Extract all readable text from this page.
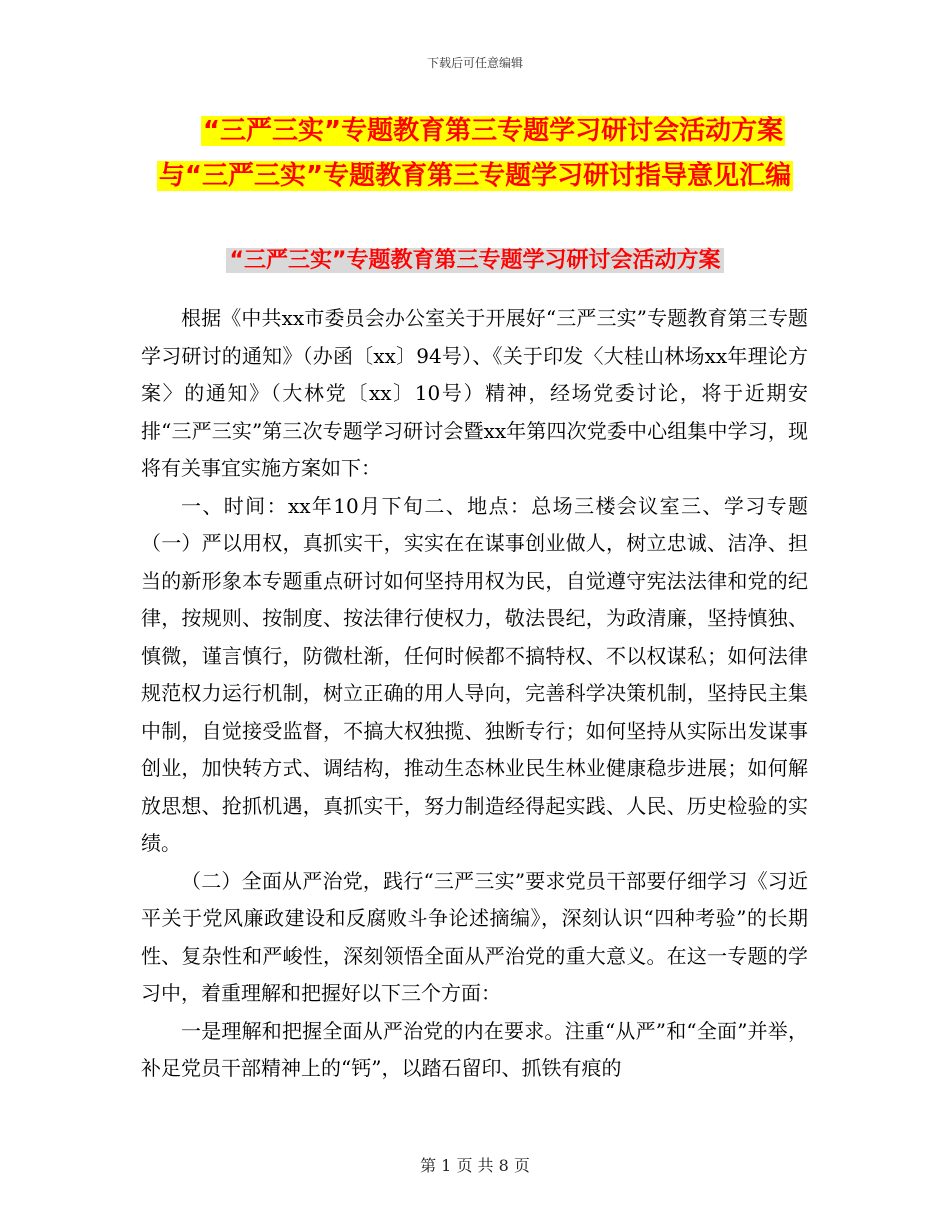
下载后可任意编辑
“三严三实”专题教育第三专题学习研讨会活动方案
与“三严三实”专题教育第三专题学习研讨指导意见汇编
“三严三实”专题教育第三专题学习研讨会活动方案

根据《中共xx市委员会办公室关于开展好“三严三实”专题教育第三专题学习研讨的通知》（办函〔xx〕94号）、《关于印发〈大桂山林场xx年理论方案〉的通知》（大林党〔xx〕10号）精神，经场党委讨论，将于近期安排“三严三实”第三次专题学习研讨会暨xx年第四次党委中心组集中学习，现将有关事宜实施方案如下：

一、时间：xx年10月下旬二、地点：总场三楼会议室三、学习专题（一）严以用权，真抓实干，实实在在谋事创业做人，树立忠诚、洁净、担当的新形象本专题重点研讨如何坚持用权为民，自觉遵守宪法法律和党的纪律，按规则、按制度、按法律行使权力，敬法畏纪，为政清廉，坚持慎独、慎微，谨言慎行，防微杜渐，任何时候都不搞特权、不以权谋私；如何法律规范权力运行机制，树立正确的用人导向，完善科学决策机制，坚持民主集中制，自觉接受监督，不搞大权独揽、独断专行；如何坚持从实际出发谋事创业，加快转方式、调结构，推动生态林业民生林业健康稳步进展；如何解放思想、抢抓机遇，真抓实干，努力制造经得起实践、人民、历史检验的实绩。

（二）全面从严治党，践行“三严三实”要求党员干部要仔细学习《习近平关于党风廉政建设和反腐败斗争论述摘编》，深刻认识“四种考验”的长期性、复杂性和严峻性，深刻领悟全面从严治党的重大意义。在这一专题的学习中，着重理解和把握好以下三个方面：

一是理解和把握全面从严治党的内在要求。注重“从严”和“全面”并举，补足党员干部精神上的“钙”，以踏石留印、抓铁有痕的

第 1 页 共 8 页
